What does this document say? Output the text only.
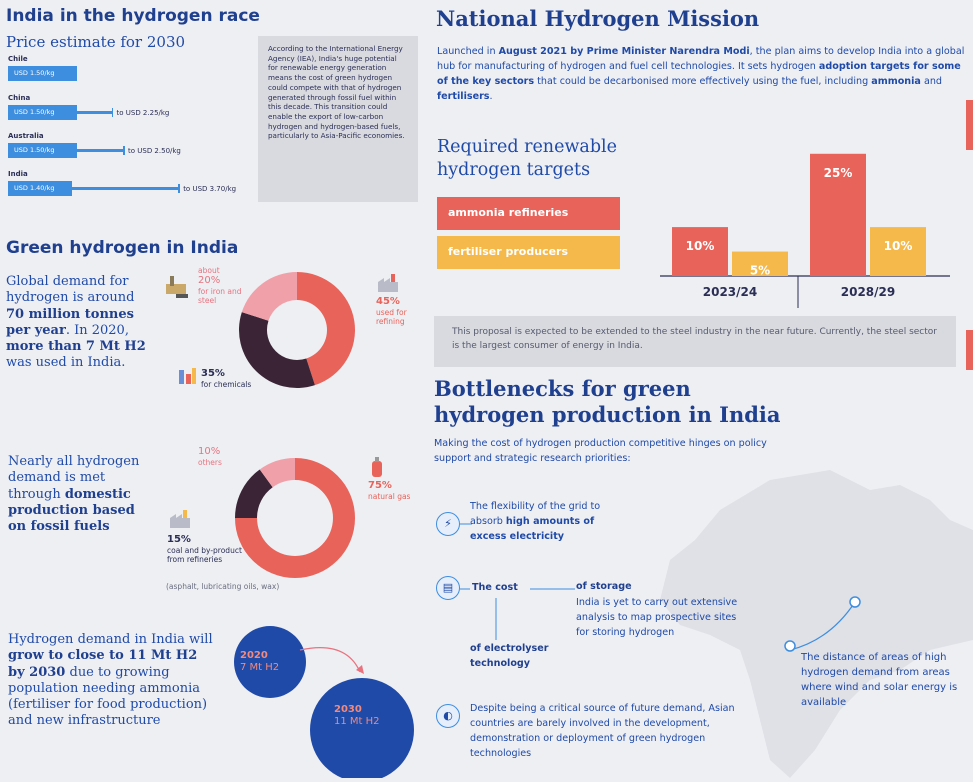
India in the hydrogen race
Price estimate for 2030
Chile
USD 1.50/kg
China
USD 1.50/kg	to USD 2.25/kg
Australia
USD 1.50/kg	to USD 2.50/kg
India
USD 1.40/kg	to USD 3.70/kg
According to the International Energy Agency (IEA), India's huge potential for renewable energy generation means the cost of green hydrogen could compete with that of hydrogen generated through fossil fuel within this decade. This transition could enable the export of low-carbon hydrogen and hydrogen-based fuels, particularly to Asia-Pacific economies.
Green hydrogen in India
Global demand for hydrogen is around 70 million tonnes per year. In 2020, more than 7 Mt H2 was used in India.
about
20%
for iron and steel	45%
used for refining
35%
for chemicals
Nearly all hydrogen demand is met through domestic production based on fossil fuels
10%
others
75%
natural gas
15%
coal and by-product from refineries
(asphalt, lubricating oils, wax)
Hydrogen demand in India will grow to close to 11 Mt H2 by 2030 due to growing population needing ammonia (fertiliser for food production) and new infrastructure
2020
7 Mt H2
2030
11 Mt H2
National Hydrogen Mission
Launched in August 2021 by Prime Minister Narendra Modi, the plan aims to develop India into a global hub for manufacturing of hydrogen and fuel cell technologies. It sets hydrogen adoption targets for some of the key sectors that could be decarbonised more effectively using the fuel, including ammonia and fertilisers.
Required renewable
hydrogen targets
ammonia refineries
fertiliser producers	10%
5%
2023/24
25%
10%
2028/29
This proposal is expected to be extended to the steel industry in the near future. Currently, the steel sector is the largest consumer of energy in India.
Bottlenecks for green
hydrogen production in India
Making the cost of hydrogen production competitive hinges on policy support and strategic research priorities:
⚡
The flexibility of the grid to absorb high amounts of excess electricity
▤	The cost	of storage
India is yet to carry out extensive analysis to map prospective sites for storing hydrogen
of electrolyser technology
◐
Despite being a critical source of future demand, Asian countries are barely involved in the development, demonstration or deployment of green hydrogen technologies
The distance of areas of high hydrogen demand from areas where wind and solar energy is available
